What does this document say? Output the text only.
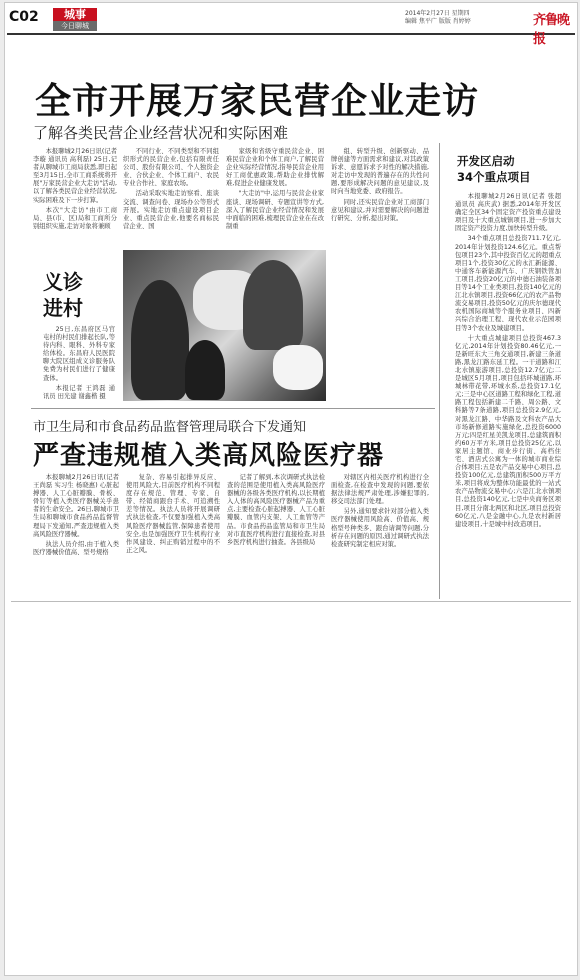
C02	城事
今日聊城
2014年2月27日 星期四
编辑 焦平广 版版 肖婷婷	齐鲁晚报
全市开展万家民营企业走访
了解各类民营企业经营状况和实际困难

本报聊城2月26日讯(记者 李璇 通讯员 高利磊) 25日,记者从聊城市工商局获悉,即日起至3月15日,全市工商系统将开展"万家民营企业大走访"活动,以了解各类民营企业经营状况,实际困难及下一步打算。

本次"大走访"由市工商局、县(市、区)局和工商所分别组织实施,走访对象将兼顾

不同行业、不同类型和不同组织形式的民营企业,包括有限责任公司、股份有限公司、个人独资企业、合伙企业、个体工商户、农民专业合作社、家庭农场。

活动采取实地走访察看、座谈交流、调查问卷、现场办公等形式开展。实地走访重点建设项目企业、重点民营企业,他要名商标民营企业、国

家级和省级守重民营企业、困难民营企业和个体工商户,了解民营企业实际经营情况,指导民营企业用好工商优惠政策,帮助企业排忧解难,促进企业健康发展。

"大走访"中,运用与民营企业家座谈、现场调研、专题宣讲等方式,深入了解民营企业经营情况和发展中面临的困难,梳理民营企业在在改制重

组、转型升级、创新驱动、品牌创建等方面需求和建议,对其政策诉求、意愿诉求予对性的解决措施,对走访中发现的普遍存在的共性问题,要形成解决问题的意见建议,及时向当地党委、政府报告。

同时,还实民营企业对工商部门意见和建议,并对需要解决的问题进行研究、分析,提出对策。

义诊
进村

25日,东昌府区马官屯村的村民们排起长队,等待内科、眼科、外科专家给体检。东昌府人民医院聊大院区组成义诊服务队免费为村民们进行了健康查体。

本报记者 王鸿磊 通讯员 田光建 谢鑫楷 摄

开发区启动
34个重点项目

本报聊城2月26日讯(记者 张超 通讯员 高庆武) 据悉,2014年开发区确定全区34个固定资产投资重点建设项目及十大重点城镇项目,进一步加大固定资产投资力度,加快转型升级。

34个重点项目总投资711.7亿元,2014年计划投资124.6亿元。重点帮包项目23个,其中投资百亿元的超重点项目1个,投资30亿元的永汇新能源、中通客车新能源汽车、广庆钢铁管加工项目,投资20亿元的中德石油装备项目等14个工业类项目,投资140亿元的江北水镇项目,投资66亿元的农产品物流交易项目,投资50亿元的庆尔德现代农机国际商城等个服务业项目、四新兴综合治理工程、现代农业示范园项目等3个农业及城建项目。

十大重点城建项目总投资467.3亿元,2014年计划投资80.46亿元,一是新旺东大三角交通项目,新建三条道路,黑龙江路东延工程。一干道路和江北水镇旅游项目,总投资12.7亿元;二是城区5月项目,项目包括环城道路,环城林带花带,环城水系,总投资17.1亿元;三是中心区道路工程和绿化工程,道路工程包括新建二千路、周公路、文科路等7条道路,项目总投资2.9亿元,对黑龙江路、中华路及文科农产品大市场新修道路实施绿化,总投资6000万元;四是红星美凯龙项目,总建筑面积约60万平方米,项目总投资25亿元,以家居主题馆、商业步行街、高档住宅、酒店式公寓为一体的城市商业综合体项目;五是农产品交易中心项目,总投资100亿元,总建筑面积500万平方米,项目将成为整体功能最优的一站式农产品物流交易中心;六是江北水镇项目,总投资140亿元,七是中央商务区项目,项目分南北两区和北区,项目总投资60亿元,八是金融中心,九是农村新居建设项目,十是城中村改造项目。

市卫生局和市食品药品监督管理局联合下发通知
严查违规植入类高风险医疗器

本报聊城2月26日讯(记者 王尚磊 实习生 杨晓惠) 心脏起搏器、人工心脏瓣膜、骨板、骨钉等植入类医疗器械关乎患者的生命安全。26日,聊城市卫生局和聊城市食品药品监督管理局下发通知,严查违规植入类高风险医疗器械。

执法人员介绍,由于植入类医疗器械价值高、型号规格

复杂、容易引起排异反应、使用风险大,目前医疗机构不同程度存在规范、管理、专家、自带、经销商跟台手术、可追溯性差等情况。执法人员将开展调研式执法检查,不仅要加强植入类高风险医疗器械监管,保障患者使用安全,也是加强医疗卫生机构行业作风建设、纠正购销过程中的不正之风。

记者了解到,本次调研式执法检查的范围是使用植入类高风险医疗器械的各级各类医疗机构,以长期植入人体的高风险医疗器械产品为重点,主要检查心脏起搏器、人工心脏瓣膜、血管内支架、人工血管等产品。市食品药品监管局和市卫生局对市直医疗机构进行直接检查,对县乡医疗机构进行抽查。各县级局

对辖区内相关医疗机构进行全面检查,在检查中发现的问题,要依据法律法规严肃处理,涉嫌犯罪的,移交司法部门处理。

另外,通知要求针对部分植入类医疗器械使用风险高、价值高、规格型号种类多、跟台请调等问题,分析存在问题的原因,通过调研式执法检查研究制定相应对策。
